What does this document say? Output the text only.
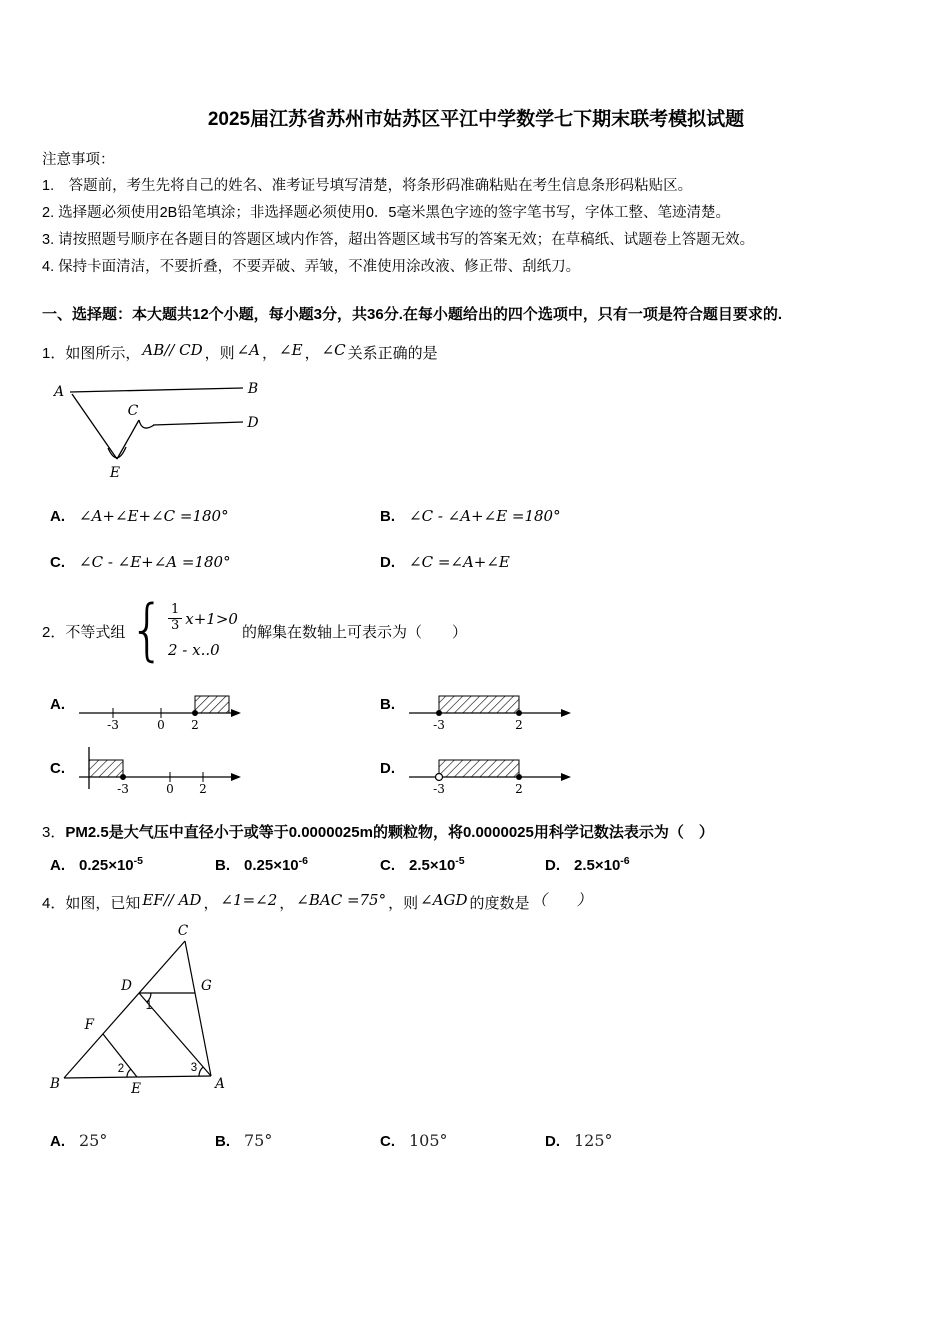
2025届江苏省苏州市姑苏区平江中学数学七下期末联考模拟试题
注意事项：
1.　答题前，考生先将自己的姓名、准考证号填写清楚，将条形码准确粘贴在考生信息条形码粘贴区。
2. 选择题必须使用2B铅笔填涂；非选择题必须使用0．5毫米黑色字迹的签字笔书写，字体工整、笔迹清楚。
3. 请按照题号顺序在各题目的答题区域内作答，超出答题区域书写的答案无效；在草稿纸、试题卷上答题无效。
4. 保持卡面清洁，不要折叠，不要弄破、弄皱，不准使用涂改液、修正带、刮纸刀。
一、选择题：本大题共12个小题，每小题3分，共36分.在每小题给出的四个选项中，只有一项是符合题目要求的.
1．如图所示， AB// CD ，则 ∠A ， ∠E ， ∠C 关系正确的是
A	B
C
D
E
A. ∠A+∠E+∠C =180°	B. ∠C - ∠A+∠E =180°
C. ∠C - ∠E+∠A =180°	D. ∠C =∠A+∠E
2． 不等式组 { $\frac{1}{3} x+1>0$
2 - x..0
的解集在数轴上可表示为（　　）
A.
-3	0 2
B.
-3	2
C.
-3	0 2
D.
-3	2
3．PM2.5是大气压中直径小于或等于0.0000025m的颗粒物，将0.0000025用科学记数法表示为（　）
A. $0.25\times 10^{-5}$	B. $0.25\times 10^{-6}$	C. $2.5\times 10^{-5}$	D. $2.5\times 10^{-6}$
4．如图，已知 EF// AD ， ∠1=∠2 ， ∠BAC =75° ，则 ∠AGD 的度数是 （　　）
C
D	G
F
B	E	A
1
2	3
A. 25°	B. 75°	C. 105°	D. 125°
